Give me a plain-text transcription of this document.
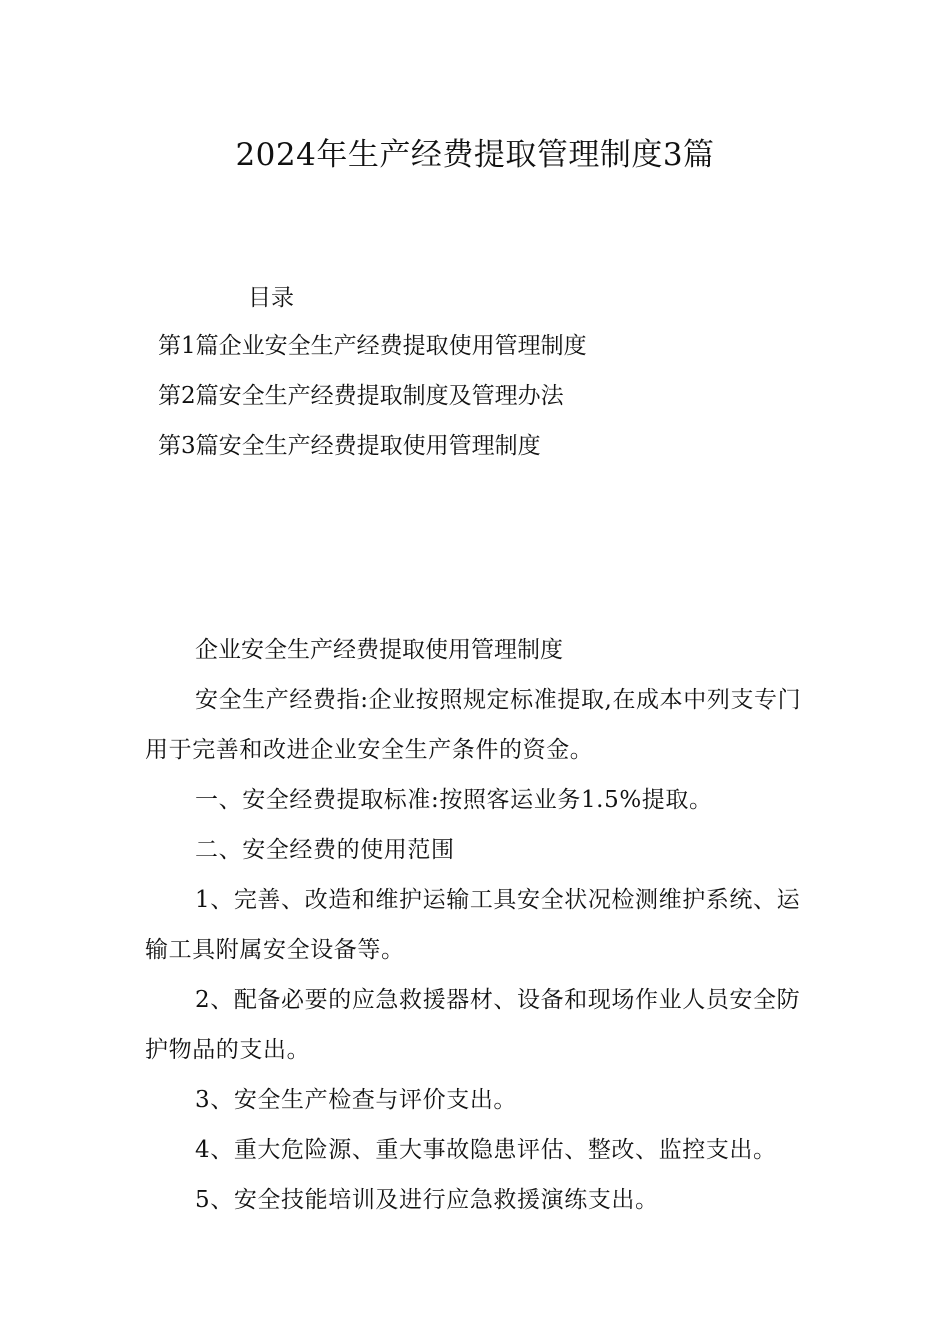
2024年生产经费提取管理制度3篇
目录
第1篇企业安全生产经费提取使用管理制度
第2篇安全生产经费提取制度及管理办法
第3篇安全生产经费提取使用管理制度

企业安全生产经费提取使用管理制度

安全生产经费指:企业按照规定标准提取,在成本中列支专门用于完善和改进企业安全生产条件的资金。

一、安全经费提取标准:按照客运业务1.5%提取。

二、安全经费的使用范围

1、完善、改造和维护运输工具安全状况检测维护系统、运输工具附属安全设备等。

2、配备必要的应急救援器材、设备和现场作业人员安全防护物品的支出。

3、安全生产检查与评价支出。

4、重大危险源、重大事故隐患评估、整改、监控支出。

5、安全技能培训及进行应急救援演练支出。
